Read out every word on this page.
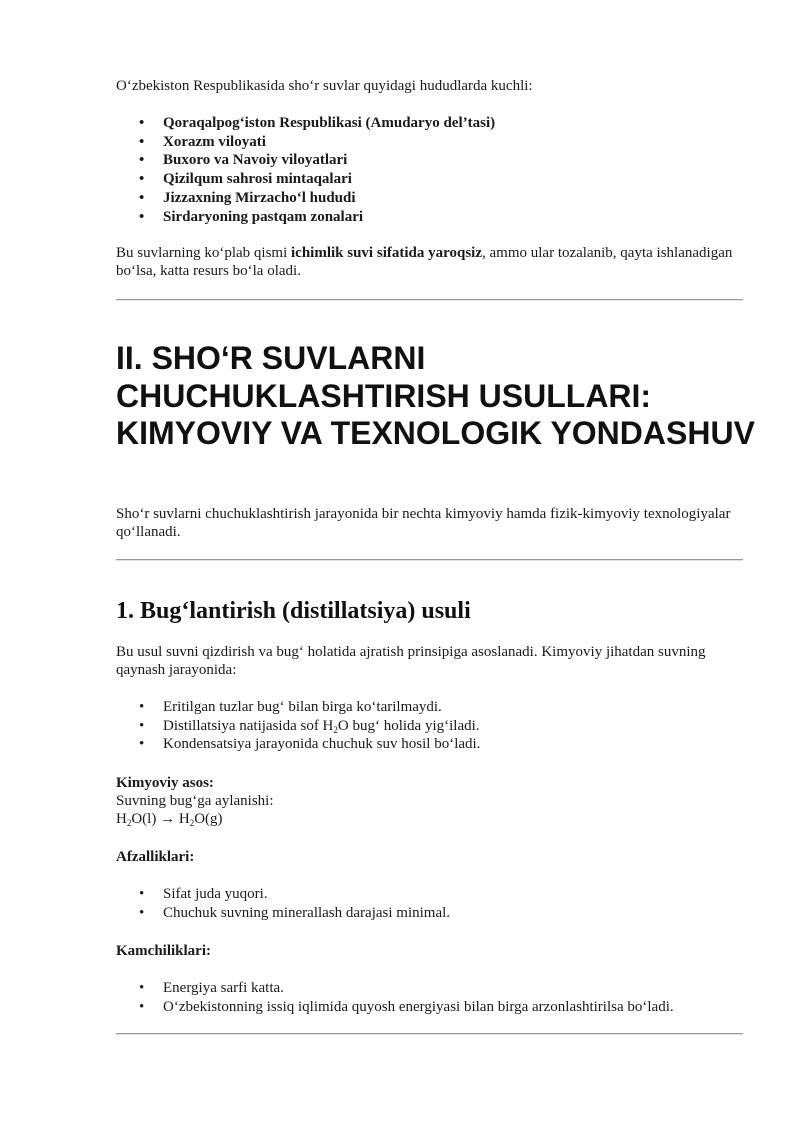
O‘zbekiston Respublikasida sho‘r suvlar quyidagi hududlarda kuchli:
• Qoraqalpog‘iston Respublikasi (Amudaryo del’tasi)
• Xorazm viloyati
• Buxoro va Navoiy viloyatlari
• Qizilqum sahrosi mintaqalari
• Jizzaxning Mirzacho‘l hududi
• Sirdaryoning pastqam zonalari
Bu suvlarning ko‘plab qismi ichimlik suvi sifatida yaroqsiz, ammo ular tozalanib, qayta ishlanadigan bo‘lsa, katta resurs bo‘la oladi.
II. SHO‘R SUVLARNI CHUCHUKLASHTIRISH USULLARI: KIMYOVIY VA TEXNOLOGIK YONDASHUV
Sho‘r suvlarni chuchuklashtirish jarayonida bir nechta kimyoviy hamda fizik-kimyoviy texnologiyalar qo‘llanadi.
1. Bug‘lantirish (distillatsiya) usuli
Bu usul suvni qizdirish va bug‘ holatida ajratish prinsipiga asoslanadi. Kimyoviy jihatdan suvning qaynash jarayonida:
• Eritilgan tuzlar bug‘ bilan birga ko‘tarilmaydi.
• Distillatsiya natijasida sof $H_2O$ bug‘ holida yig‘iladi.
• Kondensatsiya jarayonida chuchuk suv hosil bo‘ladi.
Kimyoviy asos:
Suvning bug‘ga aylanishi:
$H_2O(l) \to H_2O(g)$
Afzalliklari:
• Sifat juda yuqori.
• Chuchuk suvning minerallash darajasi minimal.
Kamchiliklari:
• Energiya sarfi katta.
• O‘zbekistonning issiq iqlimida quyosh energiyasi bilan birga arzonlashtirilsa bo‘ladi.
